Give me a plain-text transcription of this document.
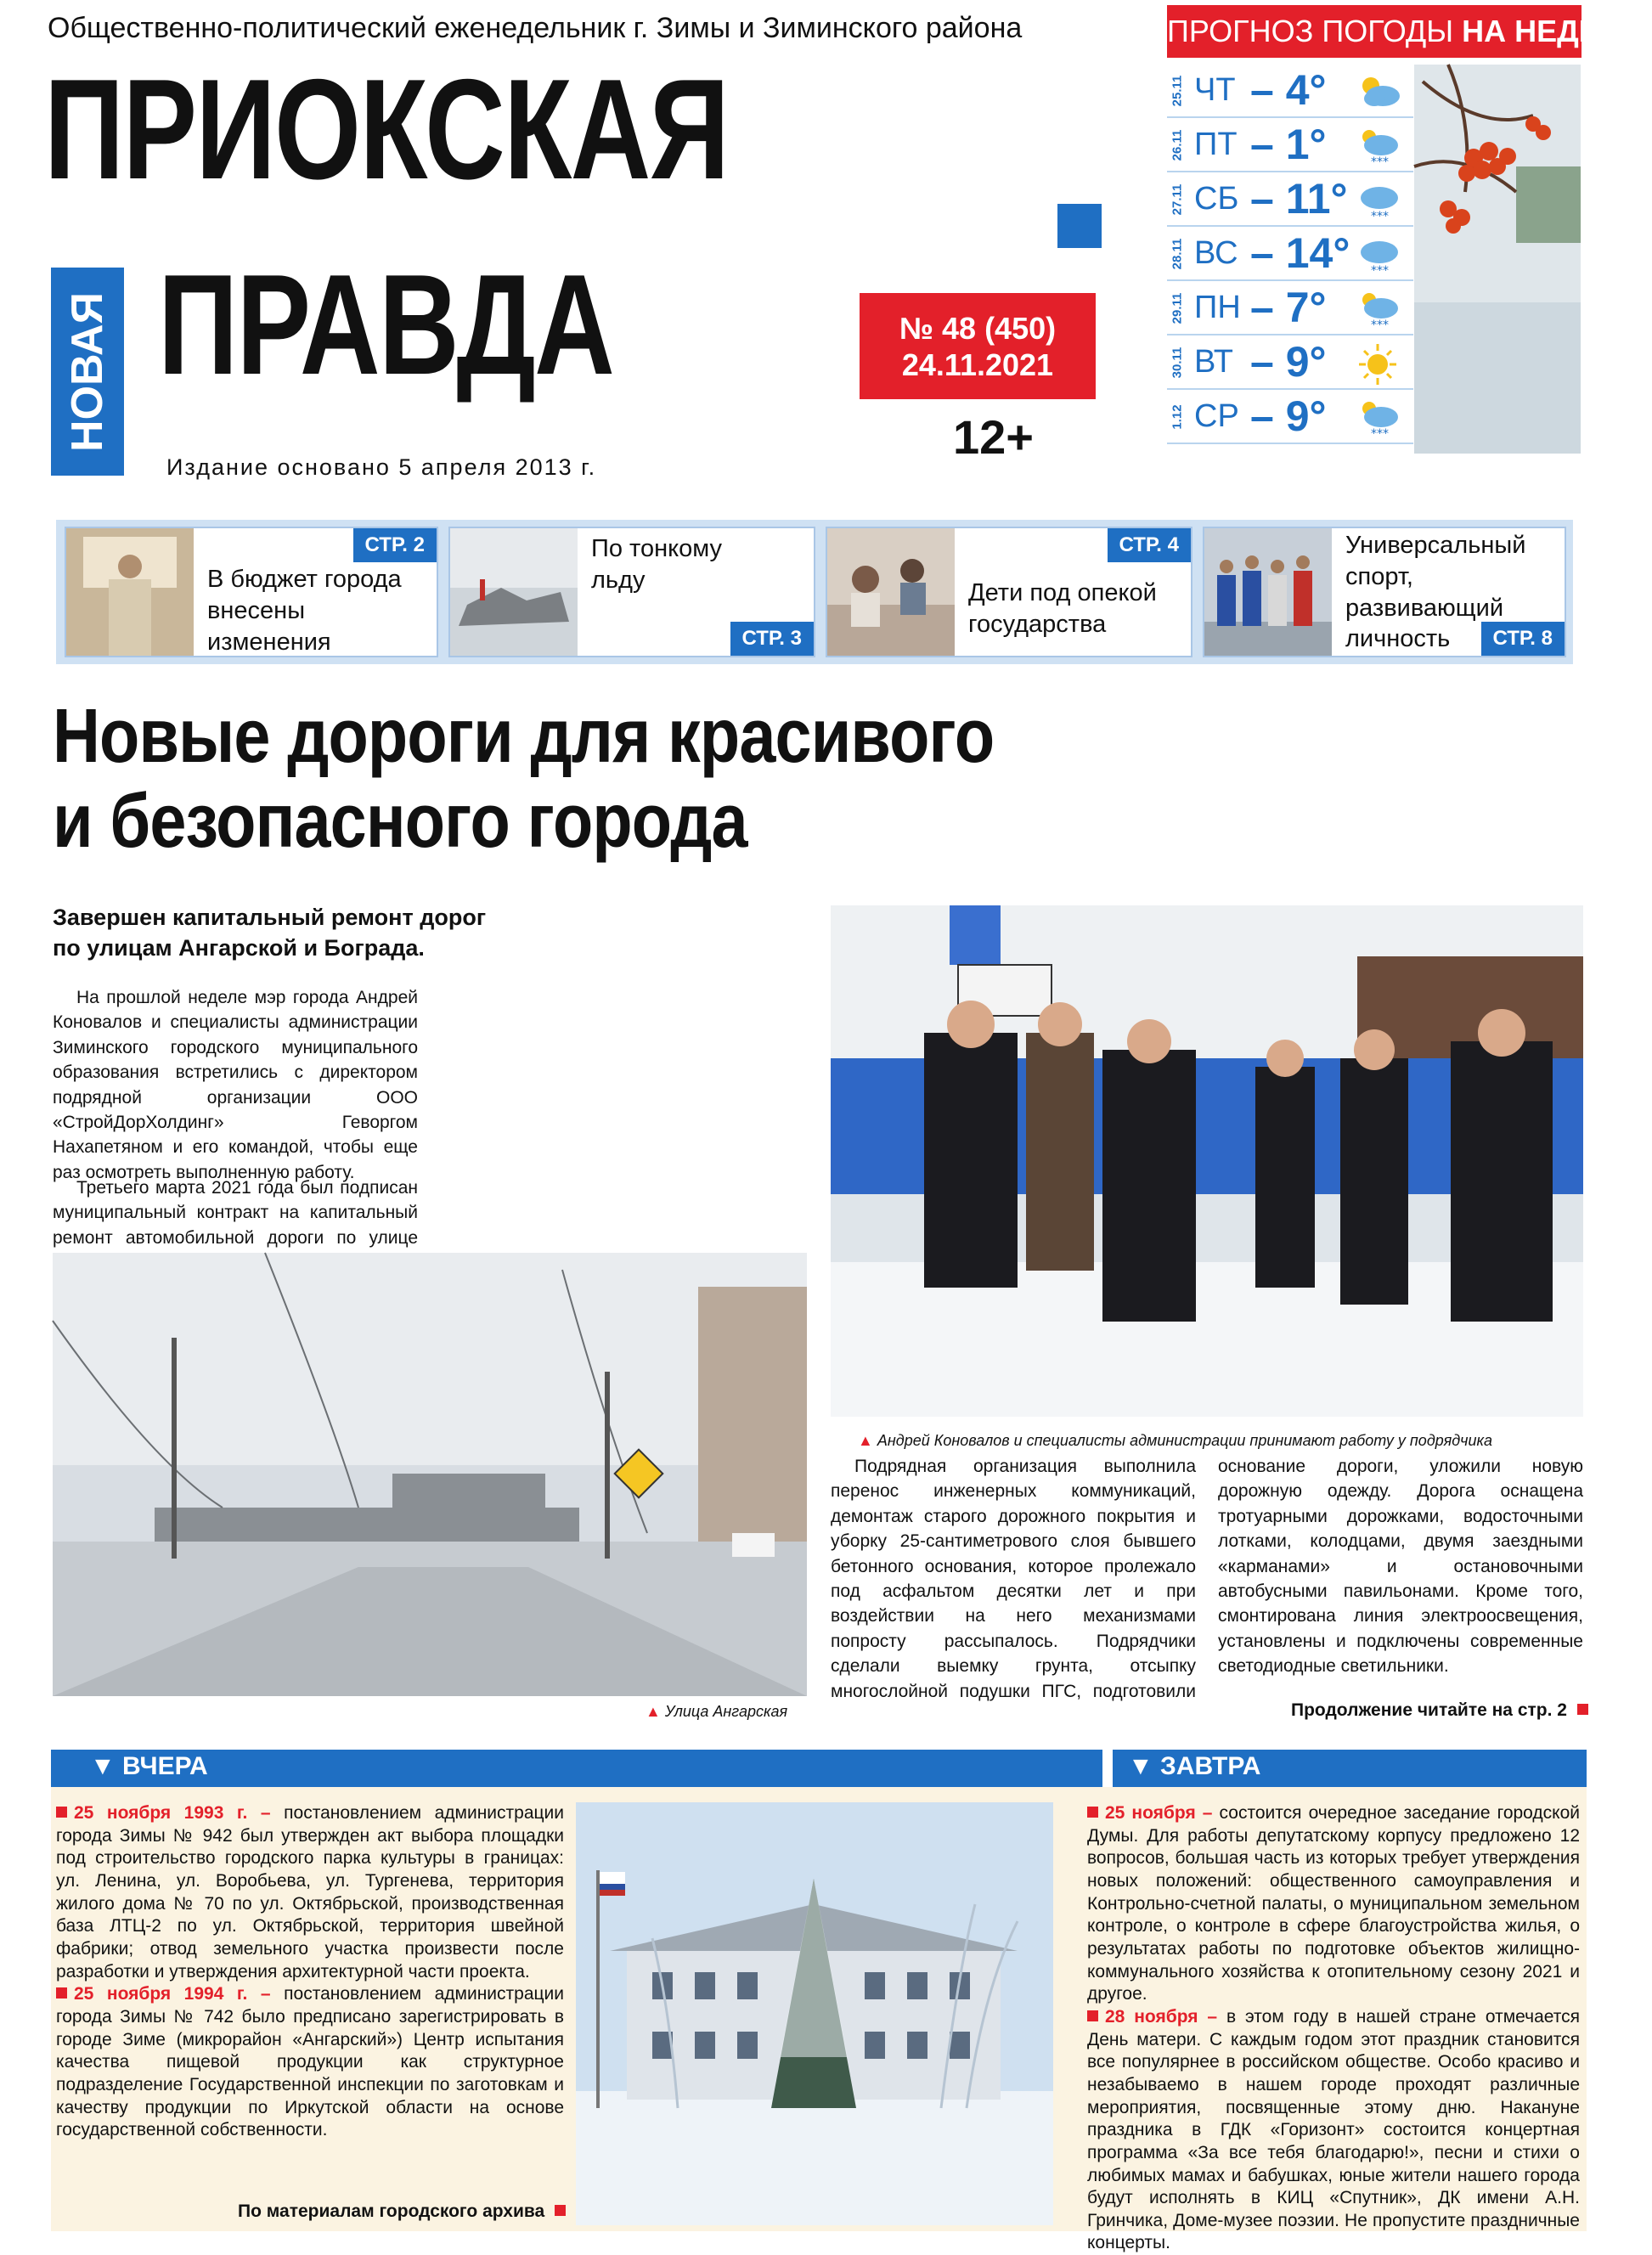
Общественно-политический еженедельник г. Зимы и Зиминского района
ПРИОКСКАЯ
НОВАЯ ПРАВДА
Издание основано 5 апреля 2013 г.
№ 48 (450)
24.11.2021
12+
ПРОГНОЗ ПОГОДЫ НА НЕДЕЛЮ
25.11 ЧТ – 4°
26.11 ПТ – 1°	***
27.11 СБ – 11° ***
28.11 ВС – 14° ***
29.11 ПН – 7°	***
30.11 ВТ – 9°
1.12 СР – 9°	***
СТР. 2
В бюджет города внесены изменения
По тонкому льду
СТР. 3
СТР. 4
Дети под опекой государства
Универсальный спорт, развивающий личность	СТР. 8
Новые дороги для красивого
и безопасного города
Завершен капитальный ремонт дорог
по улицам Ангарской и Бограда.

На прошлой неделе мэр города Андрей Коновалов и специалисты администрации Зиминского городского муниципального образования встретились с директором подрядной организации ООО «СтройДорХолдинг» Геворгом Нахапетяном и его командой, чтобы еще раз осмотреть выполненную работу.

Третьего марта 2021 года был подписан муниципальный контракт на капитальный ремонт автомобильной дороги по улице

▲ Андрей Коновалов и специалисты администрации принимают работу у подрядчика
▲ Улица Ангарская

Подрядная организация выполнила перенос инженерных коммуникаций, демонтаж старого дорожного покрытия и уборку 25-сантиметрового слоя бывшего бетонного основания, которое пролежало под асфальтом десятки лет и при воздействии на него механизмами попросту рассыпалось. Подрядчики сделали выемку грунта, отсыпку многослойной подушки ПГС, подготовили основание дороги, уложили новую дорожную одежду. Дорога оснащена тротуарными дорожками, водосточными лотками, колодцами, двумя заездными «карманами» и остановочными автобусными павильонами. Кроме того, смонтирована линия электроосвещения, установлены и подключены современные светодиодные светильники.

Продолжение читайте на стр. 2
▼ ВЧЕРА	▼ ЗАВТРА

25 ноября 1993 г. – постановлением администрации города Зимы № 942 был утвержден акт выбора площадки под строительство городского парка культуры в границах: ул. Ленина, ул. Воробьева, ул. Тургенева, территория жилого дома № 70 по ул. Октябрьской, производственная база ЛТЦ-2 по ул. Октябрьской, территория швейной фабрики; отвод земельного участка произвести после разработки и утверждения архитектурной части проекта.

25 ноября 1994 г. – постановлением администрации города Зимы № 742 было предписано зарегистрировать в городе Зиме (микрорайон «Ангарский») Центр испытания качества пищевой продукции как структурное подразделение Государственной инспекции по заготовкам и качеству продукции по Иркутской области на основе государственной собственности.

По материалам городского архива

25 ноября – состоится очередное заседание городской Думы. Для работы депутатскому корпусу предложено 12 вопросов, большая часть из которых требует утверждения новых положений: общественного самоуправления и Контрольно-счетной палаты, о муниципальном земельном контроле, о контроле в сфере благоустройства жилья, о результатах работы по подготовке объектов жилищно-коммунального хозяйства к отопительному сезону 2021 и другое.

28 ноября – в этом году в нашей стране отмечается День матери. С каждым годом этот праздник становится все популярнее в российском обществе. Особо красиво и незабываемо в нашем городе проходят различные мероприятия, посвященные этому дню. Накануне праздника в ГДК «Горизонт» состоится концертная программа «За все тебя благодарю!», песни и стихи о любимых мамах и бабушках, юные жители нашего города будут исполнять в КИЦ «Спутник», ДК имени А.Н. Гринчика, Доме-музее поэзии. Не пропустите праздничные концерты.
